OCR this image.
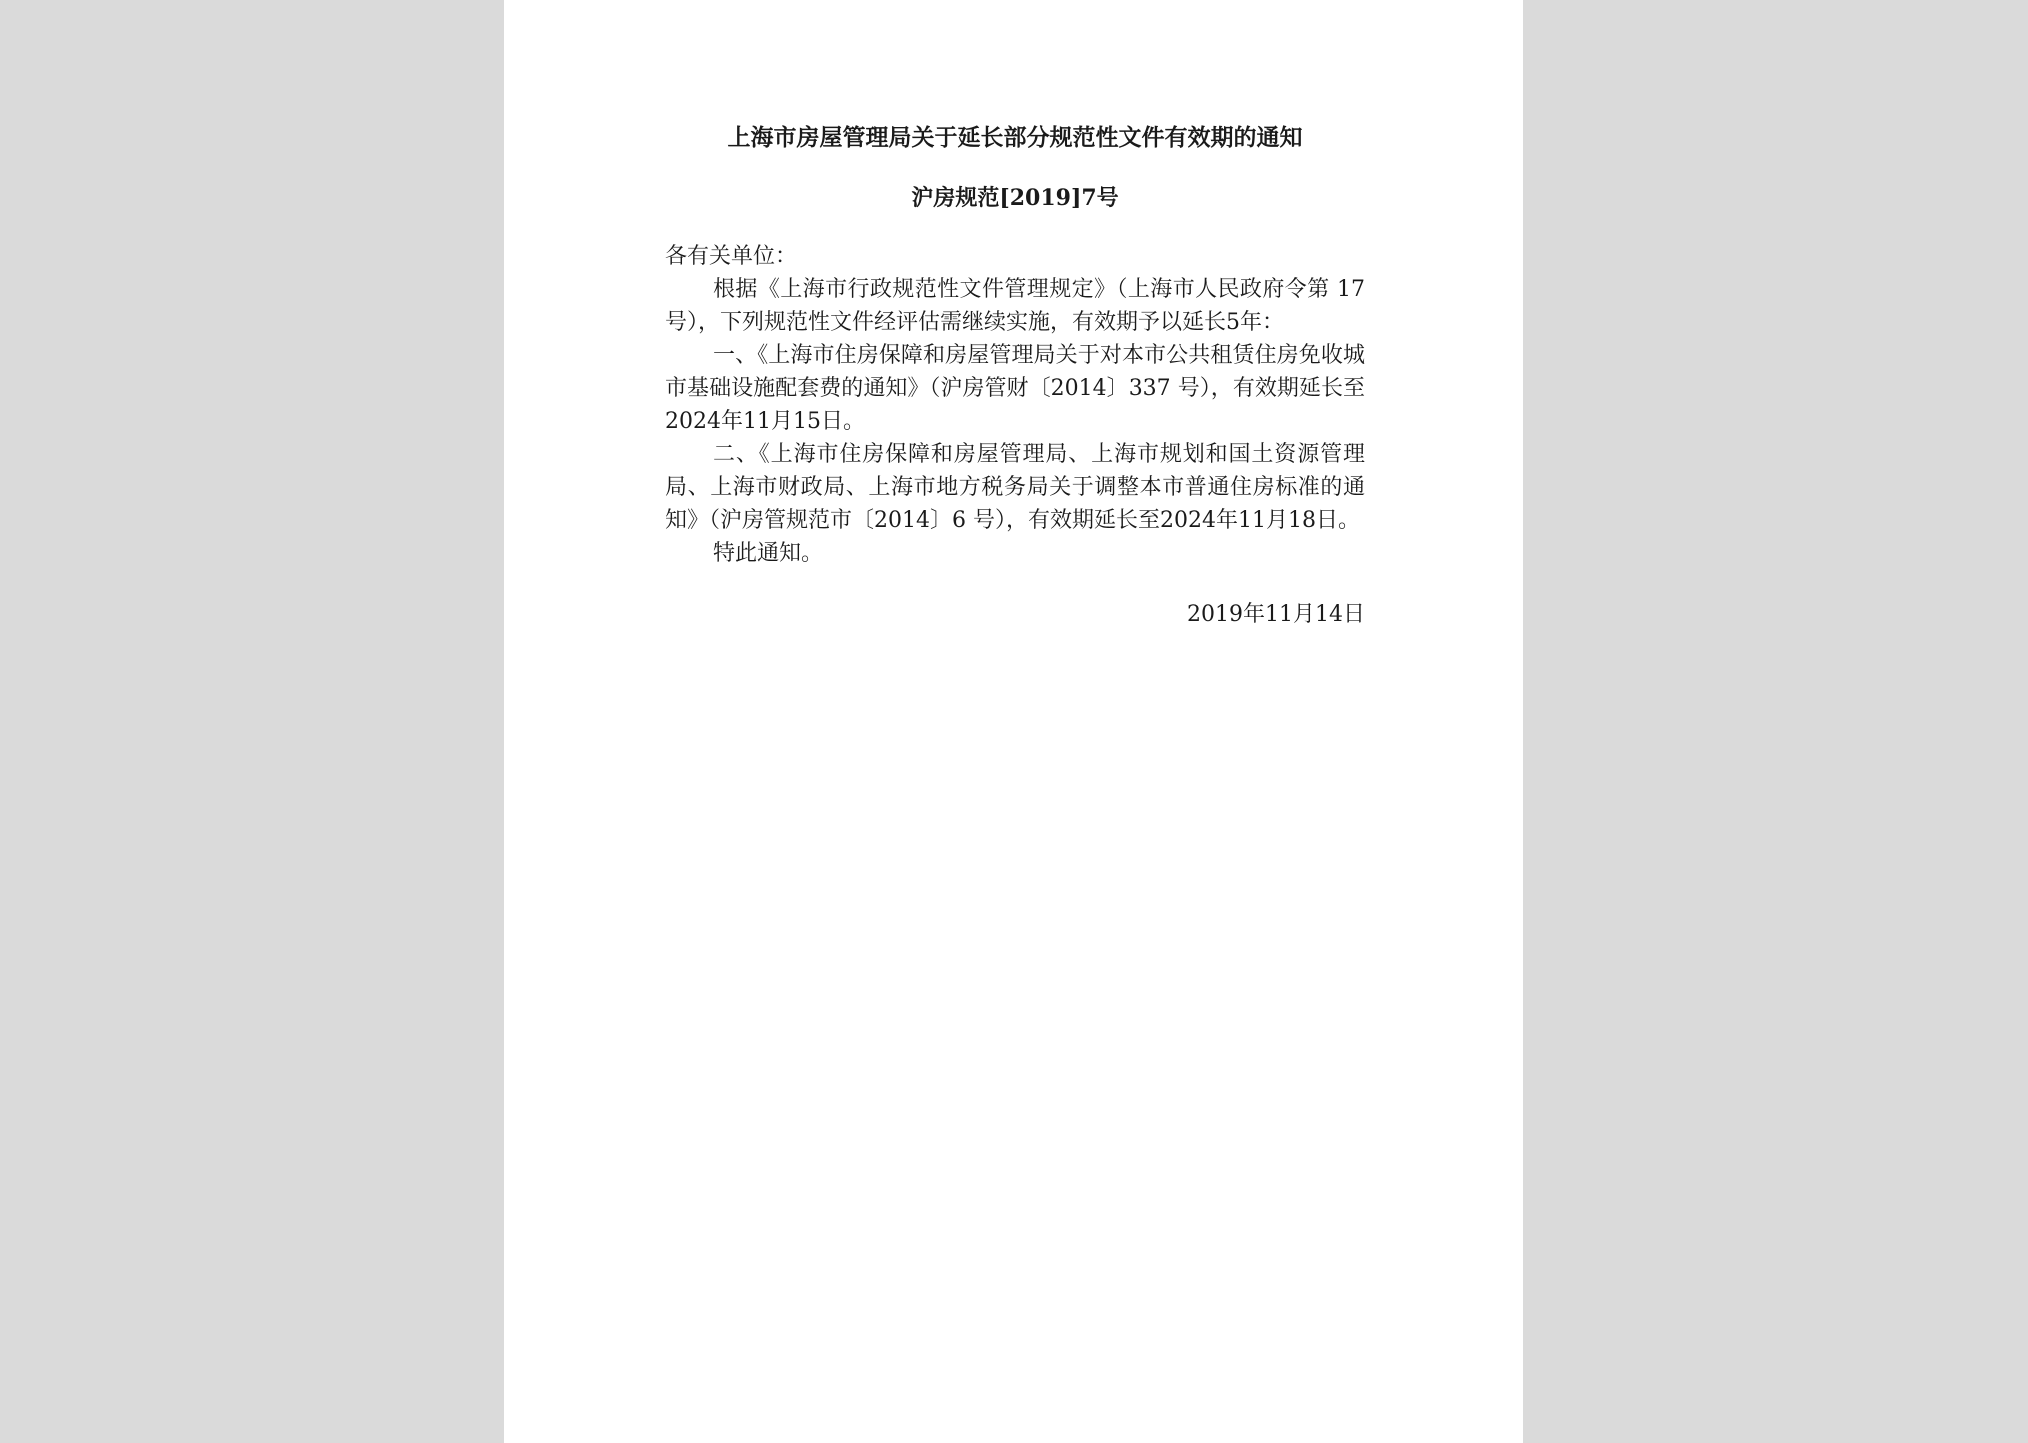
上海市房屋管理局关于延长部分规范性文件有效期的通知
沪房规范[2019]7号

各有关单位：

根据《上海市行政规范性文件管理规定》（上海市人民政府令第 17 号），下列规范性文件经评估需继续实施，有效期予以延长5年：

一、《上海市住房保障和房屋管理局关于对本市公共租赁住房免收城市基础设施配套费的通知》（沪房管财〔2014〕337 号），有效期延长至2024年11月15日。

二、《上海市住房保障和房屋管理局、上海市规划和国土资源管理局、上海市财政局、上海市地方税务局关于调整本市普通住房标准的通知》（沪房管规范市〔2014〕6 号），有效期延长至2024年11月18日。

特此通知。

2019年11月14日
